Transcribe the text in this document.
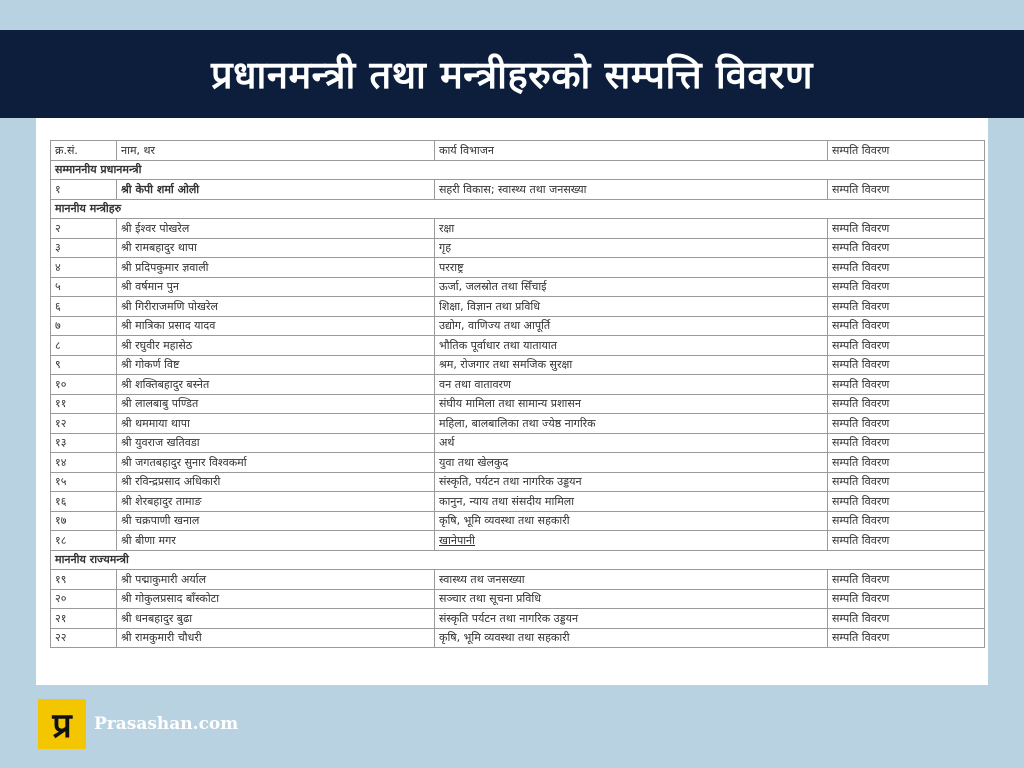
प्रधानमन्त्री तथा मन्त्रीहरुको सम्पत्ति विवरण
क्र.सं.	नाम, थर	कार्य विभाजन	सम्पति विवरण
सम्माननीय प्रधानमन्त्री			
१	श्री केपी शर्मा ओली	सहरी विकास; स्वास्थ्य तथा जनसख्या	सम्पति विवरण
माननीय मन्त्रीहरु			
२	श्री ईश्वर पोखरेल	रक्षा	सम्पति विवरण
३	श्री रामबहादुर थापा	गृह	सम्पति विवरण
४	श्री प्रदिपकुमार ज्ञवाली	परराष्ट्र	सम्पति विवरण
५	श्री वर्षमान पुन	ऊर्जा, जलस्रोत तथा सिँचाई	सम्पति विवरण
६	श्री गिरीराजमणि पोखरेल	शिक्षा, विज्ञान तथा प्रविधि	सम्पति विवरण
७	श्री मात्रिका प्रसाद यादव	उद्योग, वाणिज्य तथा आपूर्ति	सम्पति विवरण
८	श्री रघुवीर महासेठ	भौतिक पूर्वाधार तथा यातायात	सम्पति विवरण
९	श्री गोकर्ण विष्ट	श्रम, रोजगार तथा समजिक सुरक्षा	सम्पति विवरण
१०	श्री शक्तिबहादुर बस्नेत	वन तथा वातावरण	सम्पति विवरण
११	श्री लालबाबु पण्डित	संघीय मामिला तथा सामान्य प्रशासन	सम्पति विवरण
१२	श्री थममाया थापा	महिला, बालबालिका तथा ज्येष्ठ नागरिक	सम्पति विवरण
१३	श्री युवराज खतिवडा	अर्थ	सम्पति विवरण
१४	श्री जगतबहादुर सुनार विश्वकर्मा	युवा तथा खेलकुद	सम्पति विवरण
१५	श्री रविन्द्रप्रसाद अधिकारी	संस्कृति, पर्यटन तथा नागरिक उड्डयन	सम्पति विवरण
१६	श्री शेरबहादुर तामाङ	कानुन, न्याय तथा संसदीय मामिला	सम्पति विवरण
१७	श्री चक्रपाणी खनाल	कृषि, भूमि व्यवस्था तथा सहकारी	सम्पति विवरण
१८	श्री बीणा मगर	खानेपानी	सम्पति विवरण
माननीय राज्यमन्त्री			
१९	श्री पद्माकुमारी अर्याल	स्वास्थ्य तथ जनसख्या	सम्पति विवरण
२०	श्री गोकुलप्रसाद बाँस्कोटा	सञ्चार तथा सूचना प्रविधि	सम्पति विवरण
२१	श्री धनबहादुर बुढा	संस्कृति पर्यटन तथा नागरिक उड्डयन	सम्पति विवरण
२२	श्री रामकुमारी चौधरी	कृषि, भूमि व्यवस्था तथा सहकारी	सम्पति विवरण
प्र Prasashan.com
